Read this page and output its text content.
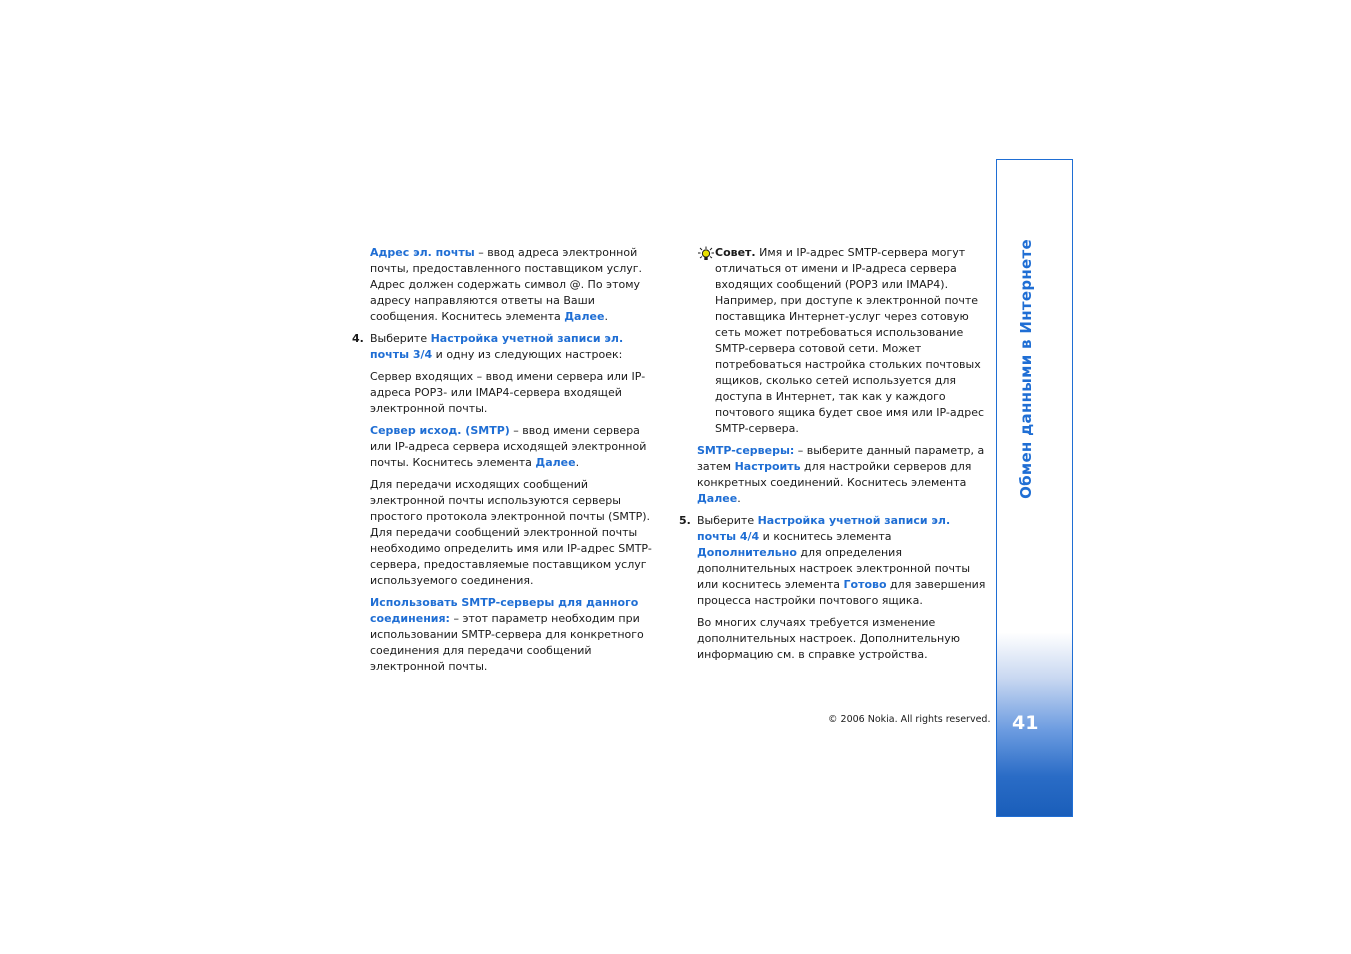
Адрес эл. почты – ввод адреса электронной почты, предоставленного поставщиком услуг. Адрес должен содержать символ @. По этому адресу направляются ответы на Ваши сообщения. Коснитесь элемента Далее.

4. Выберите Настройка учетной записи эл. почты 3/4 и одну из следующих настроек:

Сервер входящих – ввод имени сервера или IP-адреса POP3- или IMAP4-сервера входящей электронной почты.

Сервер исход. (SMTP) – ввод имени сервера или IP-адреса сервера исходящей электронной почты. Коснитесь элемента Далее.

Для передачи исходящих сообщений электронной почты используются серверы простого протокола электронной почты (SMTP). Для передачи сообщений электронной почты необходимо определить имя или IP-адрес SMTP-сервера, предоставляемые поставщиком услуг используемого соединения.

Использовать SMTP-серверы для данного соединения: – этот параметр необходим при использовании SMTP-сервера для конкретного соединения для передачи сообщений электронной почты.

Совет. Имя и IP-адрес SMTP-сервера могут отличаться от имени и IP-адреса сервера входящих сообщений (POP3 или IMAP4). Например, при доступе к электронной почте поставщика Интернет-услуг через сотовую сеть может потребоваться использование SMTP-сервера сотовой сети. Может потребоваться настройка стольких почтовых ящиков, сколько сетей используется для доступа в Интернет, так как у каждого почтового ящика будет свое имя или IP-адрес SMTP-сервера.

SMTP-серверы: – выберите данный параметр, а затем Настроить для настройки серверов для конкретных соединений. Коснитесь элемента Далее.

5. Выберите Настройка учетной записи эл. почты 4/4 и коснитесь элемента Дополнительно для определения дополнительных настроек электронной почты или коснитесь элемента Готово для завершения процесса настройки почтового ящика.

Во многих случаях требуется изменение дополнительных настроек. Дополнительную информацию см. в справке устройства.

© 2006 Nokia. All rights reserved.
Обмен данными в Интернете
41
